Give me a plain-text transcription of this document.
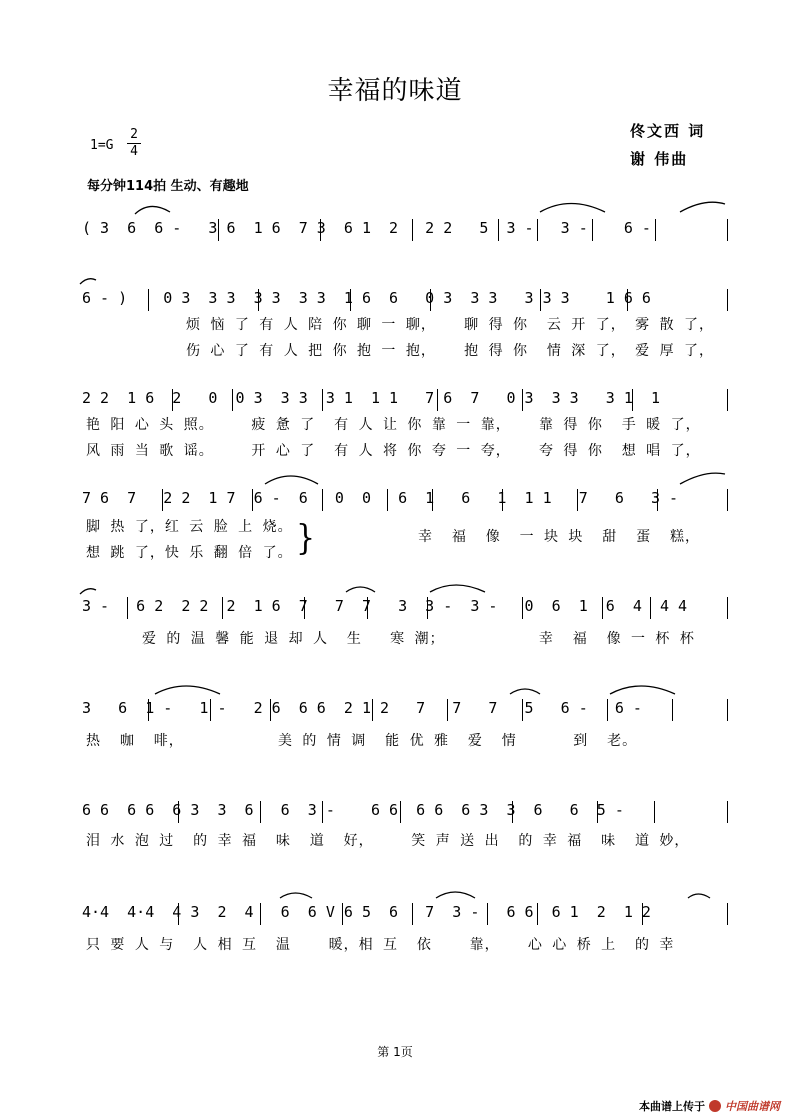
幸福的味道
1=G
2
4
佟文西 词
谢 伟曲
每分钟114拍 生动、有趣地
( 3  6  6 -   3 6  1 6  7 3  6 1  2   2 2   5  3 -   3 -    6 -
6 - )    0 3  3 3  3 3  3 3  1 6  6   0 3  3 3   3 3 3    1 6 6
烦 恼 了 有 人 陪 你 聊 一 聊，   聊 得 你  云 开 了， 雾 散 了，
伤 心 了 有 人 把 你 抱 一 抱，   抱 得 你  情 深 了， 爱 厚 了，
2 2  1 6  2   0  0 3  3 3  3 1  1 1   7 6  7   0 3  3 3   3 1  1
艳 阳 心 头 照。    疲 惫 了  有 人 让 你 靠 一 靠，   靠 得 你  手 暖 了，
风 雨 当 歌 谣。    开 心 了  有 人 将 你 夸 一 夸，   夸 得 你  想 唱 了，
7 6  7   2 2  1 7  6 -  6   0  0   6  1   6   1  1 1   7   6   3 -
脚 热 了，红 云 脸 上 烧。
想 跳 了，快 乐 翻 倍 了。
幸  福  像  一 块 块  甜  蛋  糕，
}
3 -   6 2  2 2  2  1 6  7   7  7   3  3 -  3 -   0  6  1  6  4  4 4
爱 的 温 馨 能 退 却 人  生   寒 潮；          幸  福  像 一 杯 杯
3   6  1 -   1 -   2 6  6 6  2 1 2   7   7   7   5   6 -   6 -
热  咖  啡，          美 的 情 调  能 优 雅  爱  情      到  老。
6 6  6 6  6 3  3  6   6  3 -    6 6  6 6  6 3  3  6   6  5 -
泪 水 泡 过  的 幸 福  味  道  好，    笑 声 送 出  的 幸 福  味  道 妙，
4·4  4·4  4 3  2  4   6  6 V 6 5  6   7  3 -   6 6  6 1  2  1 2
只 要 人 与  人 相 互  温    暖，相 互  依    靠，   心 心 桥 上  的 幸
第 1页
本曲谱上传于 中国曲谱网
